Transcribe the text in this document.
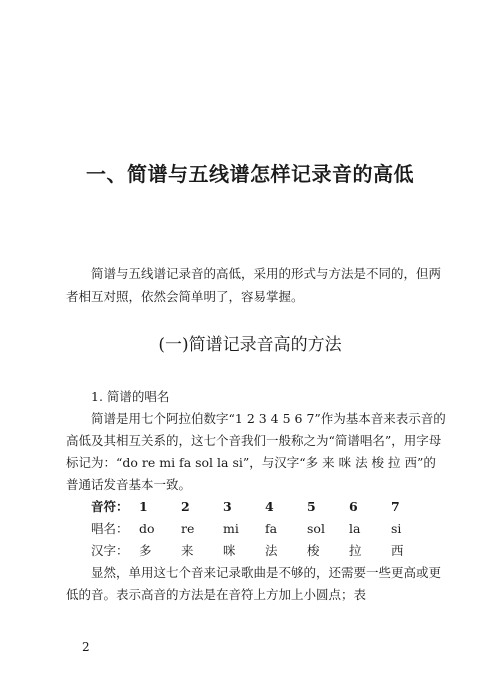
一、简谱与五线谱怎样记录音的高低

简谱与五线谱记录音的高低，采用的形式与方法是不同的，但两者相互对照，依然会简单明了，容易掌握。

(一)简谱记录音高的方法

1. 简谱的唱名

简谱是用七个阿拉伯数字“1 2 3 4 5 6 7”作为基本音来表示音的高低及其相互关系的，这七个音我们一般称之为“简谱唱名”，用字母标记为：“do re mi fa sol la si”，与汉字“多 来 咪 法 梭 拉 西”的普通话发音基本一致。

音符： 1	2	3	4	5	6	7
唱名： do	re	mi	fa	sol	la	si
汉字： 多	来	咪	法	梭	拉	西

显然，单用这七个音来记录歌曲是不够的，还需要一些更高或更低的音。表示高音的方法是在音符上方加上小圆点；表

2
